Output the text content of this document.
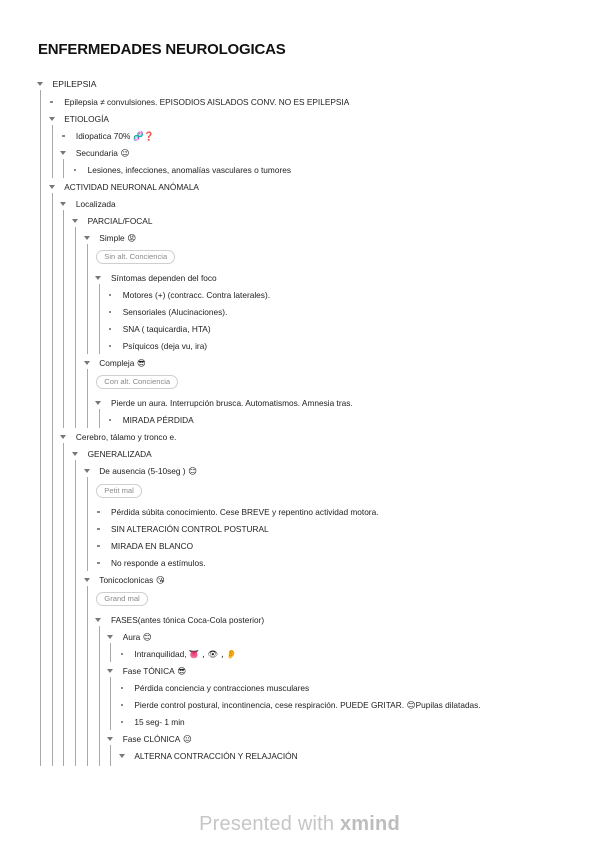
ENFERMEDADES NEUROLOGICAS
EPILEPSIA
Epilepsia ≠ convulsiones. EPISODIOS AISLADOS CONV. NO ES EPILEPSIA
ETIOLOGÍA
Idiopatica 70% 🧬❓
Secundaria 😉
Lesiones, infecciones, anomalías vasculares o tumores
ACTIVIDAD NEURONAL ANÓMALA
Localizada
PARCIAL/FOCAL
Simple 😡
Sin alt. Conciencia
Síntomas dependen del foco
Motores (+) (contracc. Contra laterales).
Sensoriales (Alucinaciones).
SNA ( taquicardia, HTA)
Psíquicos (deja vu, ira)
Compleja 😎
Con alt. Conciencia
Pierde un aura. Interrupción brusca. Automatismos. Amnesia tras.
MIRADA PÉRDIDA
Cerebro, tálamo y tronco e.
GENERALIZADA
De ausencia (5-10seg ) 😊
Petit mal
Pérdida súbita conocimiento. Cese BREVE y repentino actividad motora.
SIN ALTERACIÓN CONTROL POSTURAL
MIRADA EN BLANCO
No responde a estímulos.
Tonicoclonicas 😘
Grand mal
FASES(antes tónica Coca-Cola posterior)
Aura 😊
Intranquilidad, 👅 , 👁 , 👂
Fase TÓNICA 😎
Pérdida conciencia y contracciones musculares
Pierde control postural, incontinencia, cese respiración. PUEDE GRITAR. 😊Pupilas dilatadas.
15 seg- 1 min
Fase CLÓNICA 😐
ALTERNA CONTRACCIÓN Y RELAJACIÓN
Presented with xmind
